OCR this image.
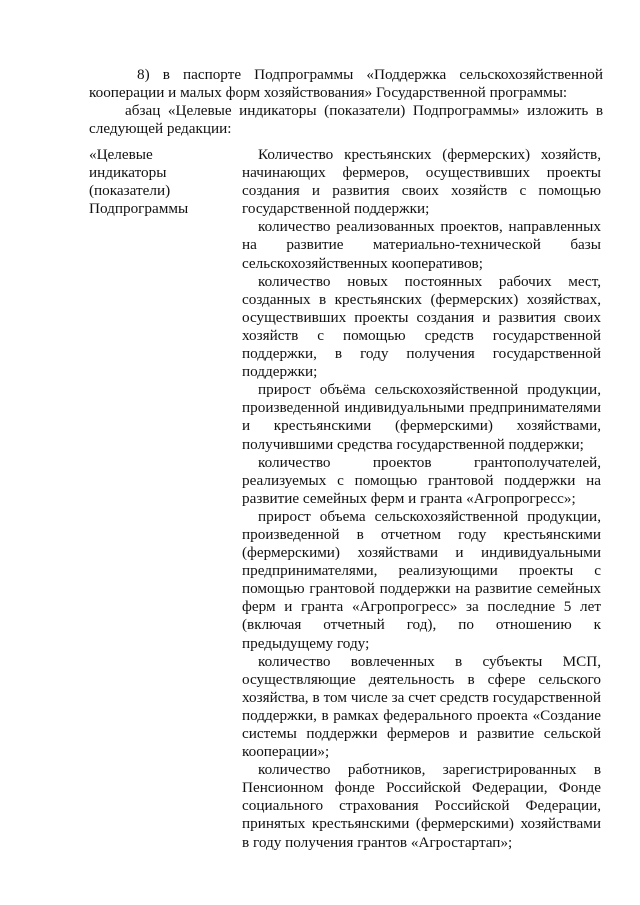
8) в паспорте Подпрограммы «Поддержка сельскохозяйственной кооперации и малых форм хозяйствования» Государственной программы:

абзац «Целевые индикаторы (показатели) Подпрограммы» изложить в следующей редакции:

«Целевые
индикаторы
(показатели)
Подпрограммы

Количество крестьянских (фермерских) хозяйств, начинающих фермеров, осуществивших проекты создания и развития своих хозяйств с помощью государственной поддержки;

количество реализованных проектов, направленных на развитие материально-технической базы сельскохозяйственных кооперативов;

количество новых постоянных рабочих мест, созданных в крестьянских (фермерских) хозяйствах, осуществивших проекты создания и развития своих хозяйств с помощью средств государственной поддержки, в году получения государственной поддержки;

прирост объёма сельскохозяйственной продукции, произведенной индивидуальными предпринимателями и крестьянскими (фермерскими) хозяйствами, получившими средства государственной поддержки;

количество проектов грантополучателей, реализуемых с помощью грантовой поддержки на развитие семейных ферм и гранта «Агропрогресс»;

прирост объема сельскохозяйственной продукции, произведенной в отчетном году крестьянскими (фермерскими) хозяйствами и индивидуальными предпринимателями, реализующими проекты с помощью грантовой поддержки на развитие семейных ферм и гранта «Агропрогресс» за последние 5 лет (включая отчетный год), по отношению к предыдущему году;

количество вовлеченных в субъекты МСП, осуществляющие деятельность в сфере сельского хозяйства, в том числе за счет средств государственной поддержки, в рамках федерального проекта «Создание системы поддержки фермеров и развитие сельской кооперации»;

количество работников, зарегистрированных в Пенсионном фонде Российской Федерации, Фонде социального страхования Российской Федерации, принятых крестьянскими (фермерскими) хозяйствами в году получения грантов «Агростартап»;
